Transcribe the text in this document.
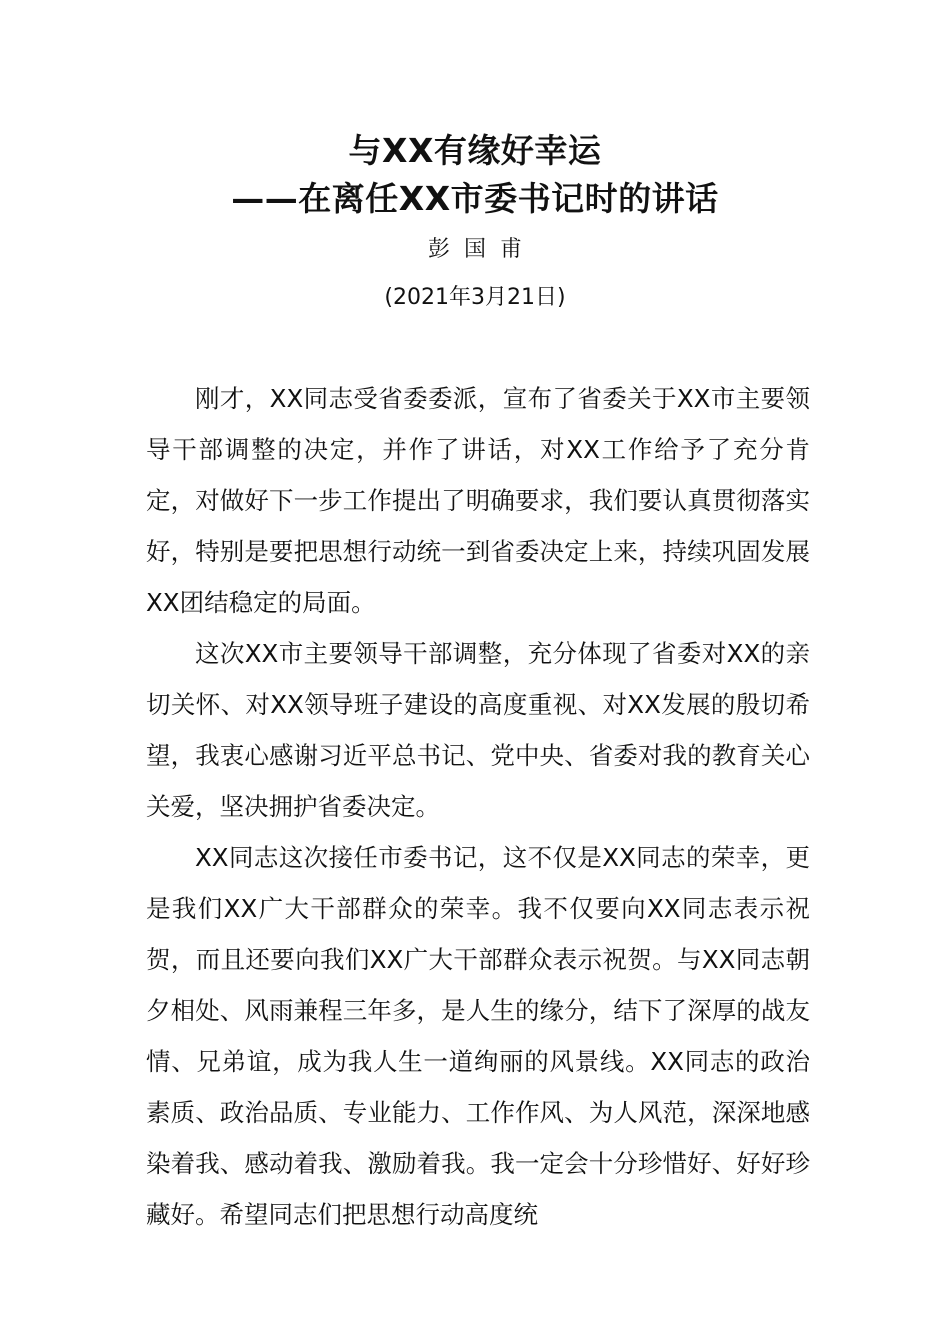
与XX有缘好幸运
——在离任XX市委书记时的讲话
彭国甫
(2021年3月21日)

刚才，XX同志受省委委派，宣布了省委关于XX市主要领导干部调整的决定，并作了讲话，对XX工作给予了充分肯定，对做好下一步工作提出了明确要求，我们要认真贯彻落实好，特别是要把思想行动统一到省委决定上来，持续巩固发展XX团结稳定的局面。

这次XX市主要领导干部调整，充分体现了省委对XX的亲切关怀、对XX领导班子建设的高度重视、对XX发展的殷切希望，我衷心感谢习近平总书记、党中央、省委对我的教育关心关爱，坚决拥护省委决定。

XX同志这次接任市委书记，这不仅是XX同志的荣幸，更是我们XX广大干部群众的荣幸。我不仅要向XX同志表示祝贺，而且还要向我们XX广大干部群众表示祝贺。与XX同志朝夕相处、风雨兼程三年多，是人生的缘分，结下了深厚的战友情、兄弟谊，成为我人生一道绚丽的风景线。XX同志的政治素质、政治品质、专业能力、工作作风、为人风范，深深地感染着我、感动着我、激励着我。我一定会十分珍惜好、好好珍藏好。希望同志们把思想行动高度统
